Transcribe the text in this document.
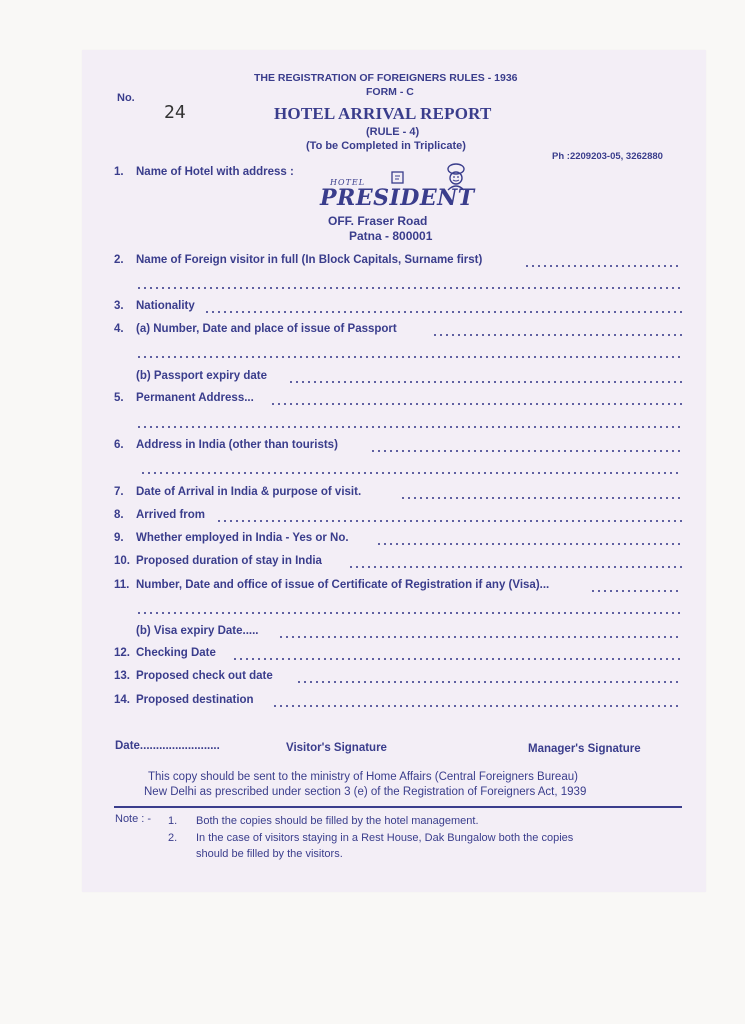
THE REGISTRATION OF FOREIGNERS RULES - 1936
FORM - C
HOTEL ARRIVAL REPORT
(RULE - 4)
(To be Completed in Triplicate)
No.
24
Ph :2209203-05, 3262880
1. Name of Hotel with address :
HOTEL
PRESIDENT
OFF. Fraser Road
Patna - 800001
2. Name of Foreign visitor in full (In Block Capitals, Surname first)
3. Nationality
4. (a) Number, Date and place of issue of Passport
(b) Passport expiry date
5. Permanent Address...
6. Address in India (other than tourists)
7. Date of Arrival in India & purpose of visit.
8. Arrived from
9. Whether employed in India - Yes or No.
10. Proposed duration of stay in India
11. Number, Date and office of issue of Certificate of Registration if any (Visa)...
(b) Visa expiry Date.....
12. Checking Date
13. Proposed check out date
14. Proposed destination
Date.........................	Visitor's Signature	Manager's Signature
This copy should be sent to the ministry of Home Affairs (Central Foreigners Bureau)
New Delhi as prescribed under section 3 (e) of the Registration of Foreigners Act, 1939
Note : - 1. Both the copies should be filled by the hotel management.
2. In the case of visitors staying in a Rest House, Dak Bungalow both the copies
should be filled by the visitors.
